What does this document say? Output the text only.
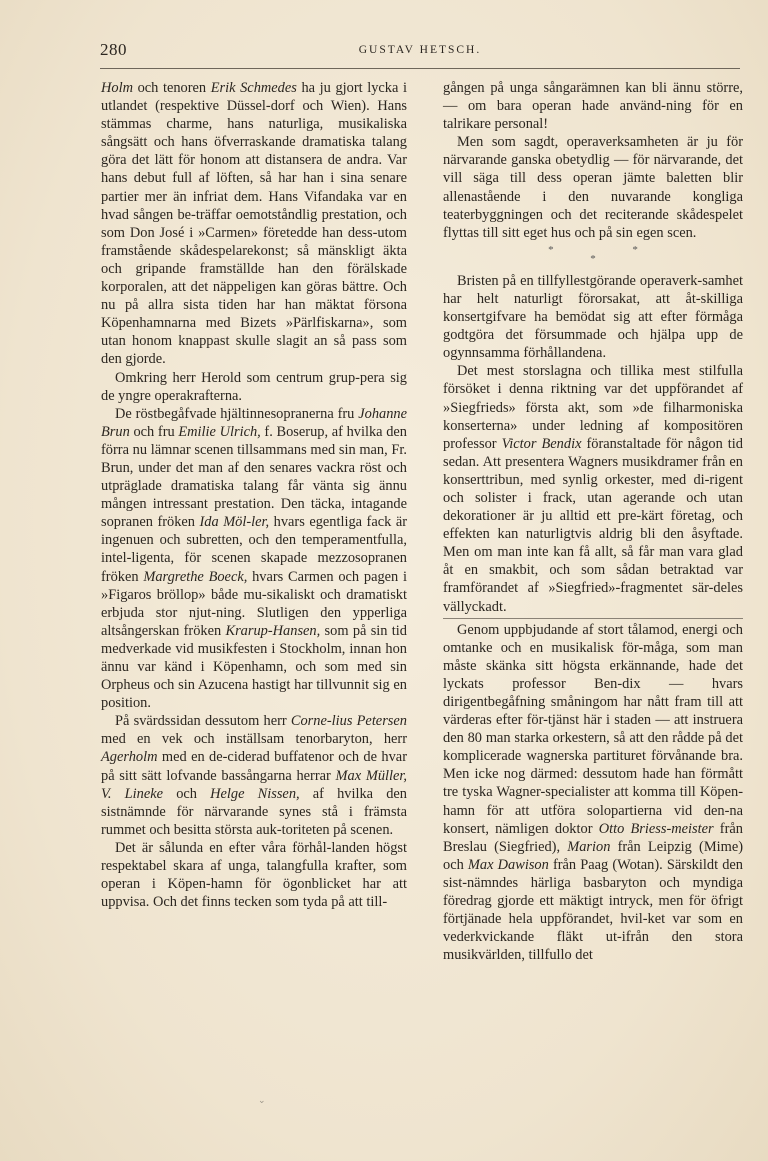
280	GUSTAV HETSCH.

Holm och tenoren Erik Schmedes ha ju gjort lycka i utlandet (respektive Düssel-dorf och Wien). Hans stämmas charme, hans naturliga, musikaliska sångsätt och hans öfverraskande dramatiska talang göra det lätt för honom att distansera de andra. Var hans debut full af löften, så har han i sina senare partier mer än infriat dem. Hans Vifandaka var en hvad sången be-träffar oemotståndlig prestation, och som Don José i »Carmen» företedde han dess-utom framstående skådespelarekonst; så mänskligt äkta och gripande framställde han den förälskade korporalen, att det näppeligen kan göras bättre. Och nu på allra sista tiden har han mäktat försona Köpenhamnarna med Bizets »Pärlfiskarna», som utan honom knappast skulle slagit an så pass som den gjorde.

Omkring herr Herold som centrum grup-pera sig de yngre operakrafterna.

De röstbegåfvade hjältinnesopranerna fru Johanne Brun och fru Emilie Ulrich, f. Boserup, af hvilka den förra nu lämnar scenen tillsammans med sin man, Fr. Brun, under det man af den senares vackra röst och utpräglade dramatiska talang får vänta sig ännu mången intressant prestation. Den täcka, intagande sopranen fröken Ida Möl-ler, hvars egentliga fack är ingenuen och subretten, och den temperamentfulla, intel-ligenta, för scenen skapade mezzosopranen fröken Margrethe Boeck, hvars Carmen och pagen i »Figaros bröllop» både mu-sikaliskt och dramatiskt erbjuda stor njut-ning. Slutligen den ypperliga altsångerskan fröken Krarup-Hansen, som på sin tid medverkade vid musikfesten i Stockholm, innan hon ännu var känd i Köpenhamn, och som med sin Orpheus och sin Azucena hastigt har tillvunnit sig en position.

På svärdssidan dessutom herr Corne-lius Petersen med en vek och inställsam tenorbaryton, herr Agerholm med en de-ciderad buffatenor och de hvar på sitt sätt lofvande bassångarna herrar Max Müller, V. Lineke och Helge Nissen, af hvilka den sistnämnde för närvarande synes stå i främsta rummet och besitta största auk-toriteten på scenen.

Det är sålunda en efter våra förhål-landen högst respektabel skara af unga, talangfulla krafter, som operan i Köpen-hamn för ögonblicket har att uppvisa. Och det finns tecken som tyda på att till-

gången på unga sångarämnen kan bli ännu större, — om bara operan hade använd-ning för en talrikare personal!

Men som sagdt, operaverksamheten är ju för närvarande ganska obetydlig — för närvarande, det vill säga till dess operan jämte baletten blir allenastående i den nuvarande kongliga teaterbyggningen och det reciterande skådespelet flyttas till sitt eget hus och på sin egen scen.

* *
*

Bristen på en tillfyllestgörande operaverk-samhet har helt naturligt förorsakat, att åt-skilliga konsertgifvare ha bemödat sig att efter förmåga godtgöra det försummade och hjälpa upp de ogynnsamma förhållandena.

Det mest storslagna och tillika mest stilfulla försöket i denna riktning var det uppförandet af »Siegfrieds» första akt, som »de filharmoniska konserterna» under ledning af kompositören professor Victor Bendix föranstaltade för någon tid sedan. Att presentera Wagners musikdramer från en konserttribun, med synlig orkester, med di-rigent och solister i frack, utan agerande och utan dekorationer är ju alltid ett pre-kärt företag, och effekten kan naturligtvis aldrig bli den åsyftade. Men om man inte kan få allt, så får man vara glad åt en smakbit, och som sådan betraktad var framförandet af »Siegfried»-fragmentet sär-deles vällyckadt.

Genom uppbjudande af stort tålamod, energi och omtanke och en musikalisk för-måga, som man måste skänka sitt högsta erkännande, hade det lyckats professor Ben-dix — hvars dirigentbegåfning småningom har nått fram till att värderas efter för-tjänst här i staden — att instruera den 80 man starka orkestern, så att den rådde på det komplicerade wagnerska partituret förvånande bra. Men icke nog därmed: dessutom hade han förmått tre tyska Wagner-specialister att komma till Köpen-hamn för att utföra solopartierna vid den-na konsert, nämligen doktor Otto Briess-meister från Breslau (Siegfried), Marion från Leipzig (Mime) och Max Dawison från Paag (Wotan). Särskildt den sist-nämndes härliga basbaryton och myndiga föredrag gjorde ett mäktigt intryck, men för öfrigt förtjänade hela uppförandet, hvil-ket var som en vederkvickande fläkt ut-ifrån den stora musikvärlden, tillfullo det

⌄
